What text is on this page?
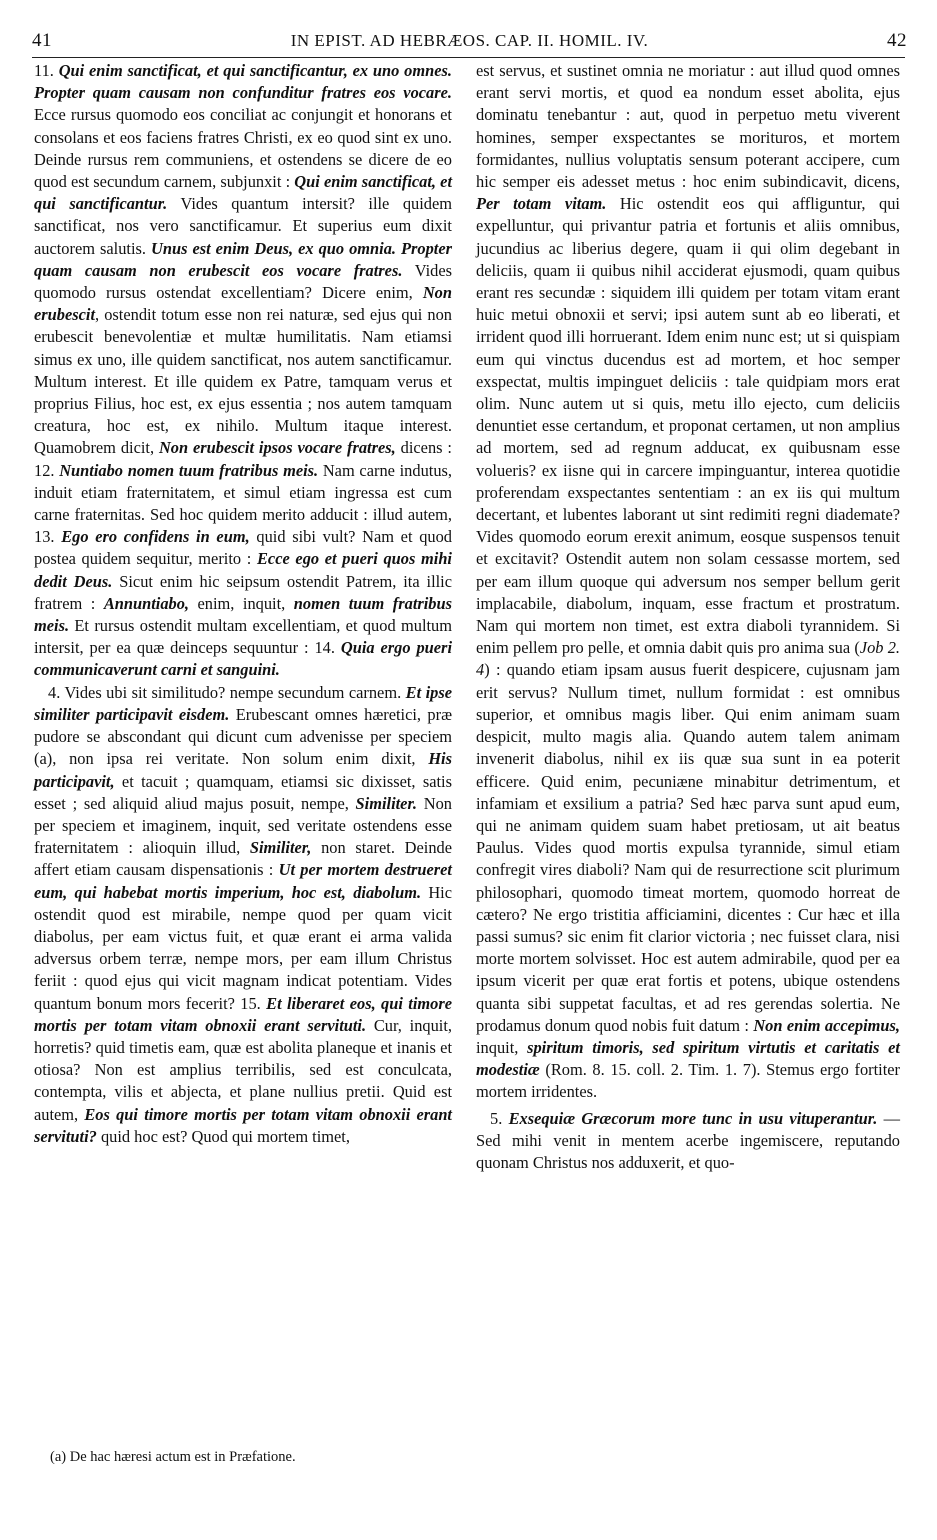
41	IN EPIST. AD HEBRÆOS. CAP. II. HOMIL. IV.	42

11. Qui enim sanctificat, et qui sanctificantur, ex uno omnes. Propter quam causam non confunditur fratres eos vocare. Ecce rursus quomodo eos conciliat ac conjungit et honorans et consolans et eos faciens fratres Christi, ex eo quod sint ex uno. Deinde rursus rem communiens, et ostendens se dicere de eo quod est secundum carnem, subjunxit : Qui enim sanctificat, et qui sanctificantur. Vides quantum intersit? ille quidem sanctificat, nos vero sanctificamur. Et superius eum dixit auctorem salutis. Unus est enim Deus, ex quo omnia. Propter quam causam non erubescit eos vocare fratres. Vides quomodo rursus ostendat excellentiam? Dicere enim, Non erubescit, ostendit totum esse non rei naturæ, sed ejus qui non erubescit benevolentiæ et multæ humilitatis. Nam etiamsi simus ex uno, ille quidem sanctificat, nos autem sanctificamur. Multum interest. Et ille quidem ex Patre, tamquam verus et proprius Filius, hoc est, ex ejus essentia ; nos autem tamquam creatura, hoc est, ex nihilo. Multum itaque interest. Quamobrem dicit, Non erubescit ipsos vocare fratres, dicens : 12. Nuntiabo nomen tuum fratribus meis. Nam carne indutus, induit etiam fraternitatem, et simul etiam ingressa est cum carne fraternitas. Sed hoc quidem merito adducit : illud autem, 13. Ego ero confidens in eum, quid sibi vult? Nam et quod postea quidem sequitur, merito : Ecce ego et pueri quos mihi dedit Deus. Sicut enim hic seipsum ostendit Patrem, ita illic fratrem : Annuntiabo, enim, inquit, nomen tuum fratribus meis. Et rursus ostendit multam excellentiam, et quod multum intersit, per ea quæ deinceps sequuntur : 14. Quia ergo pueri communicaverunt carni et sanguini.

4. Vides ubi sit similitudo? nempe secundum carnem. Et ipse similiter participavit eisdem. Erubescant omnes hæretici, præ pudore se abscondant qui dicunt cum advenisse per speciem (a), non ipsa rei veritate. Non solum enim dixit, His participavit, et tacuit ; quamquam, etiamsi sic dixisset, satis esset ; sed aliquid aliud majus posuit, nempe, Similiter. Non per speciem et imaginem, inquit, sed veritate ostendens esse fraternitatem : alioquin illud, Similiter, non staret. Deinde affert etiam causam dispensationis : Ut per mortem destrueret eum, qui habebat mortis imperium, hoc est, diabolum. Hic ostendit quod est mirabile, nempe quod per quam vicit diabolus, per eam victus fuit, et quæ erant ei arma valida adversus orbem terræ, nempe mors, per eam illum Christus feriit : quod ejus qui vicit magnam indicat potentiam. Vides quantum bonum mors fecerit? 15. Et liberaret eos, qui timore mortis per totam vitam obnoxii erant servituti. Cur, inquit, horretis? quid timetis eam, quæ est abolita planeque et inanis et otiosa? Non est amplius terribilis, sed est conculcata, contempta, vilis et abjecta, et plane nullius pretii. Quid est autem, Eos qui timore mortis per totam vitam obnoxii erant servituti? quid hoc est? Quod qui mortem timet,

est servus, et sustinet omnia ne moriatur : aut illud quod omnes erant servi mortis, et quod ea nondum esset abolita, ejus dominatu tenebantur : aut, quod in perpetuo metu viverent homines, semper exspectantes se morituros, et mortem formidantes, nullius voluptatis sensum poterant accipere, cum hic semper eis adesset metus : hoc enim subindicavit, dicens, Per totam vitam. Hic ostendit eos qui affliguntur, qui expelluntur, qui privantur patria et fortunis et aliis omnibus, jucundius ac liberius degere, quam ii qui olim degebant in deliciis, quam ii quibus nihil acciderat ejusmodi, quam quibus erant res secundæ : siquidem illi quidem per totam vitam erant huic metui obnoxii et servi; ipsi autem sunt ab eo liberati, et irrident quod illi horruerant. Idem enim nunc est; ut si quispiam eum qui vinctus ducendus est ad mortem, et hoc semper exspectat, multis impinguet deliciis : tale quidpiam mors erat olim. Nunc autem ut si quis, metu illo ejecto, cum deliciis denuntiet esse certandum, et proponat certamen, ut non amplius ad mortem, sed ad regnum adducat, ex quibusnam esse volueris? ex iisne qui in carcere impinguantur, interea quotidie proferendam exspectantes sententiam : an ex iis qui multum decertant, et lubentes laborant ut sint redimiti regni diademate? Vides quomodo eorum erexit animum, eosque suspensos tenuit et excitavit? Ostendit autem non solam cessasse mortem, sed per eam illum quoque qui adversum nos semper bellum gerit implacabile, diabolum, inquam, esse fractum et prostratum. Nam qui mortem non timet, est extra diaboli tyrannidem. Si enim pellem pro pelle, et omnia dabit quis pro anima sua (Job 2. 4) : quando etiam ipsam ausus fuerit despicere, cujusnam jam erit servus? Nullum timet, nullum formidat : est omnibus superior, et omnibus magis liber. Qui enim animam suam despicit, multo magis alia. Quando autem talem animam invenerit diabolus, nihil ex iis quæ sua sunt in ea poterit efficere. Quid enim, pecuniæne minabitur detrimentum, et infamiam et exsilium a patria? Sed hæc parva sunt apud eum, qui ne animam quidem suam habet pretiosam, ut ait beatus Paulus. Vides quod mortis expulsa tyrannide, simul etiam confregit vires diaboli? Nam qui de resurrectione scit plurimum philosophari, quomodo timeat mortem, quomodo horreat de cætero? Ne ergo tristitia afficiamini, dicentes : Cur hæc et illa passi sumus? sic enim fit clarior victoria ; nec fuisset clara, nisi morte mortem solvisset. Hoc est autem admirabile, quod per ea ipsum vicerit per quæ erat fortis et potens, ubique ostendens quanta sibi suppetat facultas, et ad res gerendas solertia. Ne prodamus donum quod nobis fuit datum : Non enim accepimus, inquit, spiritum timoris, sed spiritum virtutis et caritatis et modestiæ (Rom. 8. 15. coll. 2. Tim. 1. 7). Stemus ergo fortiter mortem irridentes.

5. Exsequiæ Græcorum more tunc in usu vituperantur. — Sed mihi venit in mentem acerbe ingemiscere, reputando quonam Christus nos adduxerit, et quo-

(a) De hac hæresi actum est in Præfatione.
